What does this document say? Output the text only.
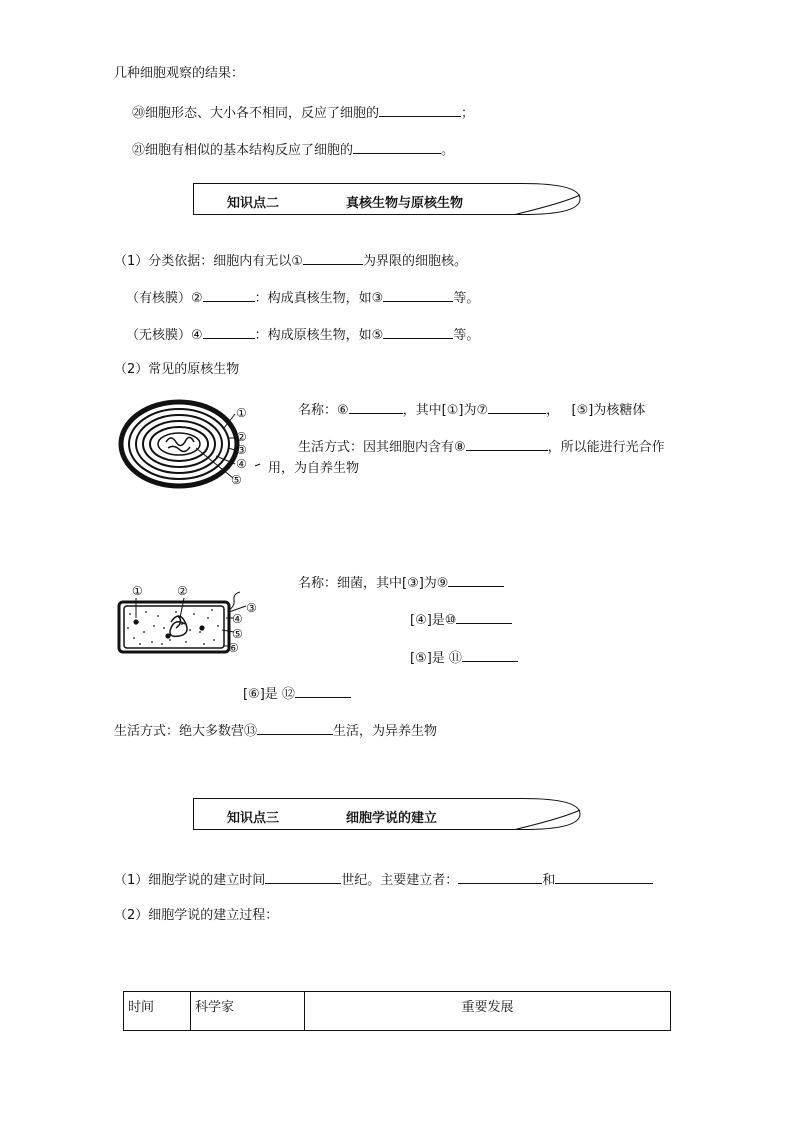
几种细胞观察的结果：
⑳细胞形态、大小各不相同，反应了细胞的	；
㉑细胞有相似的基本结构反应了细胞的	。
知识点二	真核生物与原核生物
（1）分类依据：细胞内有无以①	为界限的细胞核。
（有核膜）②	：构成真核生物，如③	等。
（无核膜）④	：构成原核生物，如⑤	等。
（2）常见的原核生物
①
②
③
④
⑤
名称：⑥	，其中[①]为⑦	， [⑤]为核糖体
生活方式：因其细胞内含有⑧	，所以能进行光合作
用，为自养生物
①	②
③
④
⑤
⑥
名称：细菌，其中[③]为⑨
[④]是⑩
[⑤]是 ⑪
[⑥]是 ⑫
生活方式：绝大多数营⑬	生活，为异养生物
知识点三	细胞学说的建立
（1）细胞学说的建立时间	世纪。主要建立者：	和
（2）细胞学说的建立过程：
时间	科学家	重要发展
